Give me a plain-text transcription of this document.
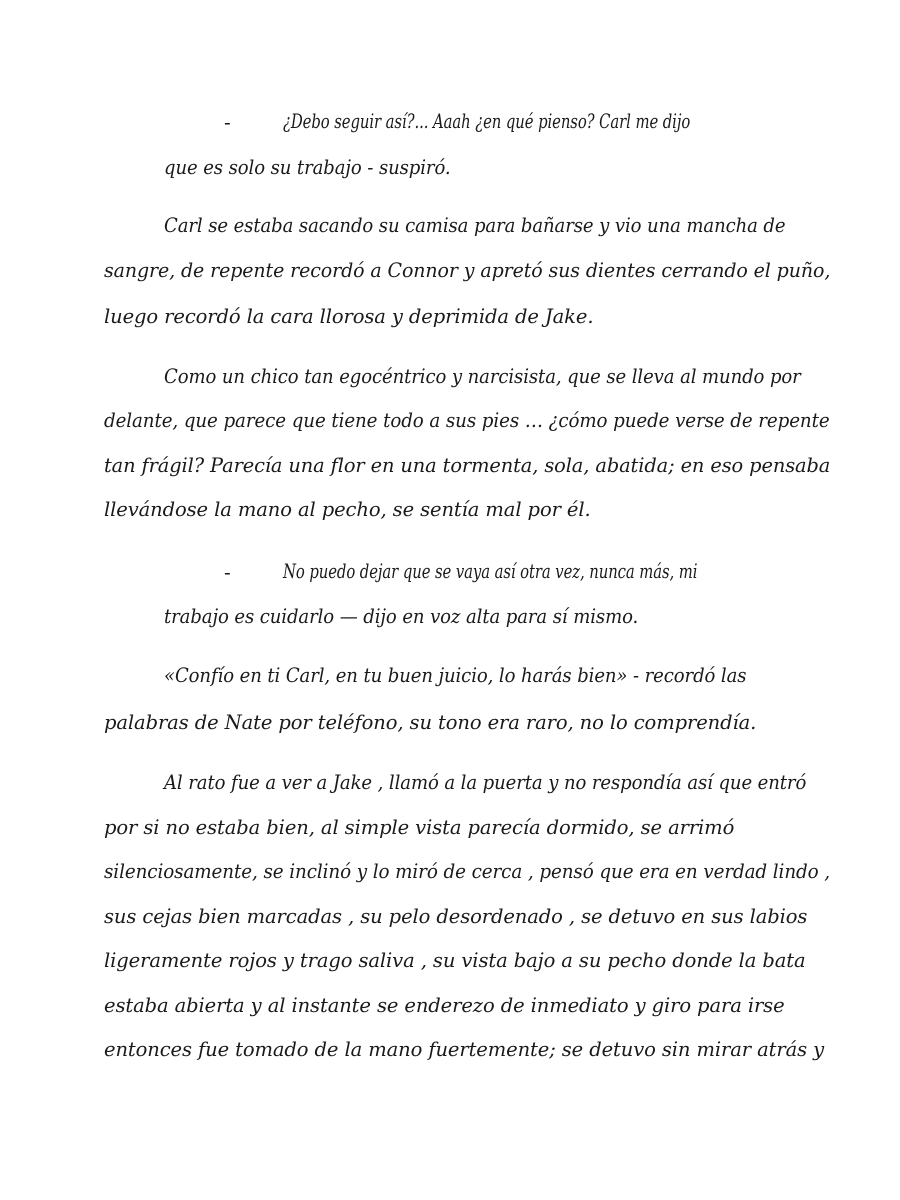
-	¿Debo seguir así?... Aaah ¿en qué pienso? Carl me dijo
que es solo su trabajo - suspiró.
Carl se estaba sacando su camisa para bañarse y vio una mancha de
sangre, de repente recordó a Connor y apretó sus dientes cerrando el puño,
luego recordó la cara llorosa y deprimida de Jake.
Como un chico tan egocéntrico y narcisista, que se lleva al mundo por
delante, que parece que tiene todo a sus pies … ¿cómo puede verse de repente
tan frágil? Parecía una flor en una tormenta, sola, abatida; en eso pensaba
llevándose la mano al pecho, se sentía mal por él.
-	No puedo dejar que se vaya así otra vez, nunca más, mi
trabajo es cuidarlo — dijo en voz alta para sí mismo.
«Confío en ti Carl, en tu buen juicio, lo harás bien» - recordó las
palabras de Nate por teléfono, su tono era raro, no lo comprendía.
Al rato fue a ver a Jake , llamó a la puerta y no respondía así que entró
por si no estaba bien, al simple vista parecía dormido, se arrimó
silenciosamente, se inclinó y lo miró de cerca , pensó que era en verdad lindo ,
sus cejas bien marcadas , su pelo desordenado , se detuvo en sus labios
ligeramente rojos y trago saliva , su vista bajo a su pecho donde la bata
estaba abierta y al instante se enderezo de inmediato y giro para irse
entonces fue tomado de la mano fuertemente; se detuvo sin mirar atrás y
